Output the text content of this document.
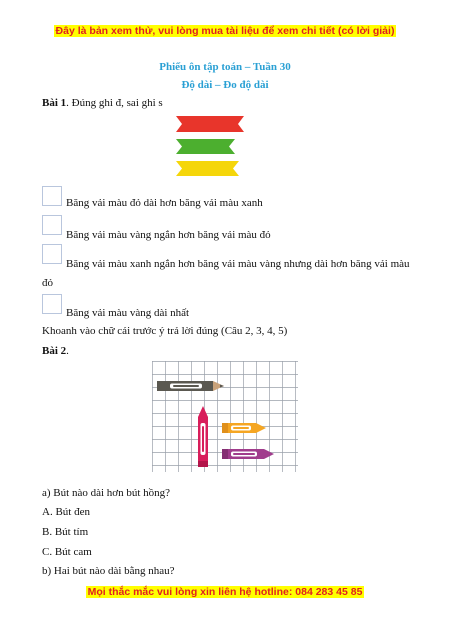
Đây là bản xem thử, vui lòng mua tài liệu để xem chi tiết (có lời giải)
Phiếu ôn tập toán – Tuần 30
Độ dài – Đo độ dài
Bài 1. Đúng ghi đ, sai ghi s
Băng vải màu đỏ dài hơn băng vải màu xanh
Băng vải màu vàng ngắn hơn băng vải màu đỏ
Băng vải màu xanh ngắn hơn băng vải màu vàng nhưng dài hơn băng vải màu
đỏ
Băng vải màu vàng dài nhất
Khoanh vào chữ cái trước ý trả lời đúng (Câu 2, 3, 4, 5)
Bài 2.
a) Bút nào dài hơn bút hồng?
A. Bút đen
B. Bút tím
C. Bút cam
b) Hai bút nào dài bằng nhau?
Mọi thắc mắc vui lòng xin liên hệ hotline: 084 283 45 85
